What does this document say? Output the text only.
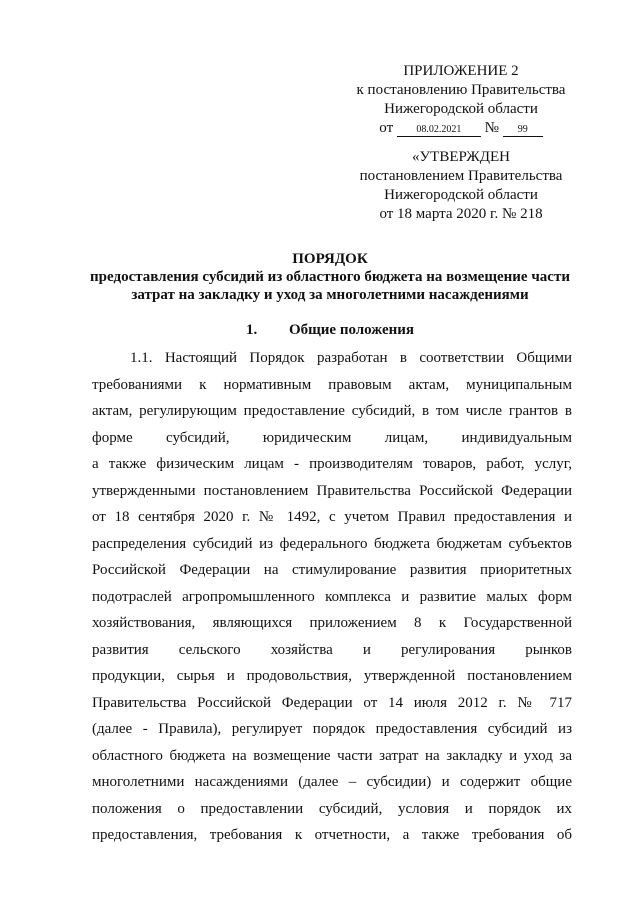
ПРИЛОЖЕНИЕ 2
к постановлению Правительства
Нижегородской области
от 08.02.2021 № 99
«УТВЕРЖДЕН
постановлением Правительства
Нижегородской области
от 18 марта 2020 г. № 218
ПОРЯДОК
предоставления субсидий из областного бюджета на возмещение части
затрат на закладку и уход за многолетними насаждениями
1. Общие положения
1.1. Настоящий Порядок разработан в соответствии Общими
требованиями к нормативным правовым актам, муниципальным
актам, регулирующим предоставление субсидий, в том числе грантов в
форме субсидий, юридическим лицам, индивидуальным
а также физическим лицам - производителям товаров, работ, услуг,
утвержденными постановлением Правительства Российской Федерации
от 18 сентября 2020 г. № 1492, с учетом Правил предоставления и
распределения субсидий из федерального бюджета бюджетам субъектов
Российской Федерации на стимулирование развития приоритетных
подотраслей агропромышленного комплекса и развитие малых форм
хозяйствования, являющихся приложением 8 к Государственной
развития сельского хозяйства и регулирования рынков
продукции, сырья и продовольствия, утвержденной постановлением
Правительства Российской Федерации от 14 июля 2012 г. № 717
(далее - Правила), регулирует порядок предоставления субсидий из
областного бюджета на возмещение части затрат на закладку и уход за
многолетними насаждениями (далее – субсидии) и содержит общие
положения о предоставлении субсидий, условия и порядок их
предоставления, требования к отчетности, а также требования об
